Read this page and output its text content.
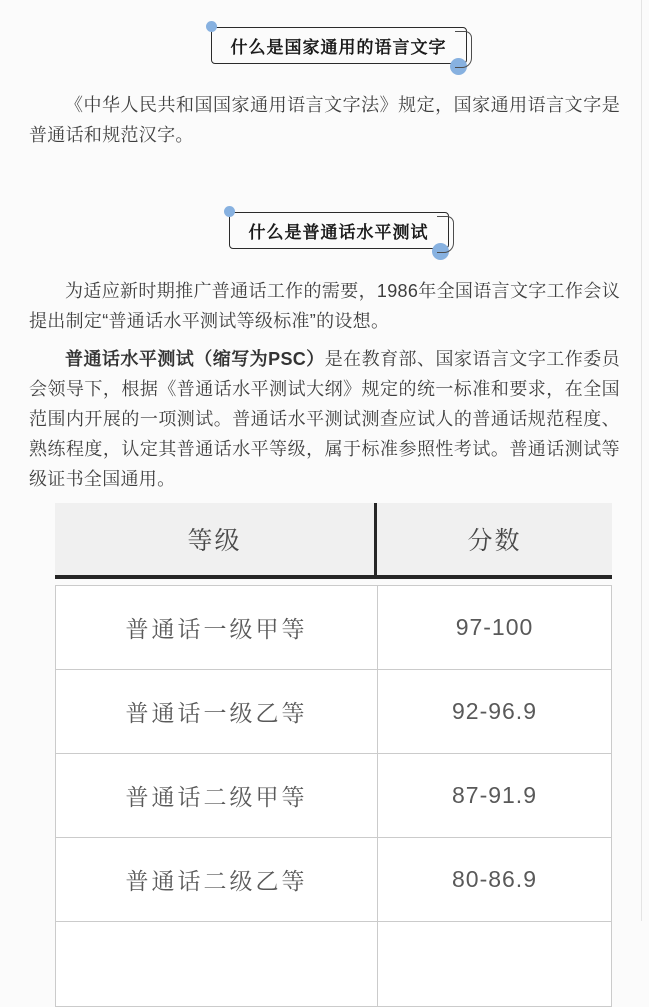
什么是国家通用的语言文字

《中华人民共和国国家通用语言文字法》规定，国家通用语言文字是普通话和规范汉字。

什么是普通话水平测试

为适应新时期推广普通话工作的需要，1986年全国语言文字工作会议提出制定“普通话水平测试等级标准”的设想。

普通话水平测试（缩写为PSC）是在教育部、国家语言文字工作委员会领导下，根据《普通话水平测试大纲》规定的统一标准和要求，在全国范围内开展的一项测试。普通话水平测试测查应试人的普通话规范程度、熟练程度，认定其普通话水平等级，属于标准参照性考试。普通话测试等级证书全国通用。

等级	分数
普通话一级甲等	97-100
普通话一级乙等	92-96.9
普通话二级甲等	87-91.9
普通话二级乙等	80-86.9
